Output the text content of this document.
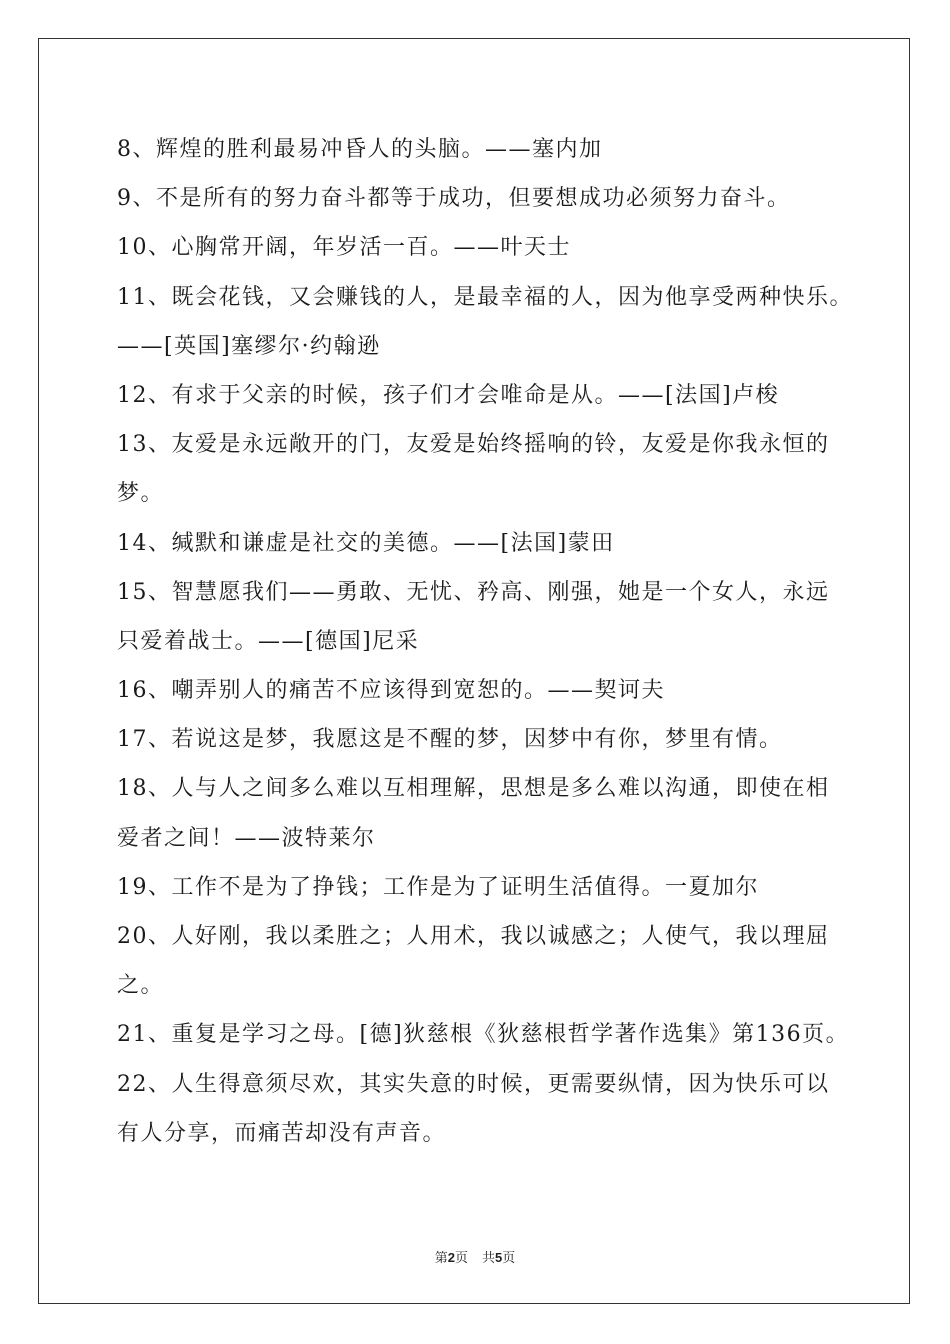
8、辉煌的胜利最易冲昏人的头脑。——塞内加
9、不是所有的努力奋斗都等于成功，但要想成功必须努力奋斗。
10、心胸常开阔，年岁活一百。——叶天士
11、既会花钱，又会赚钱的人，是最幸福的人，因为他享受两种快乐。
——[英国]塞缪尔·约翰逊
12、有求于父亲的时候，孩子们才会唯命是从。——[法国]卢梭
13、友爱是永远敞开的门，友爱是始终摇响的铃，友爱是你我永恒的
梦。
14、缄默和谦虚是社交的美德。——[法国]蒙田
15、智慧愿我们——勇敢、无忧、矜高、刚强，她是一个女人，永远
只爱着战士。——[德国]尼采
16、嘲弄别人的痛苦不应该得到宽恕的。——契诃夫
17、若说这是梦，我愿这是不醒的梦，因梦中有你，梦里有情。
18、人与人之间多么难以互相理解，思想是多么难以沟通，即使在相
爱者之间！——波特莱尔
19、工作不是为了挣钱；工作是为了证明生活值得。一夏加尔
20、人好刚，我以柔胜之；人用术，我以诚感之；人使气，我以理屈
之。
21、重复是学习之母。[德]狄慈根《狄慈根哲学著作选集》第136页。
22、人生得意须尽欢，其实失意的时候，更需要纵情，因为快乐可以
有人分享，而痛苦却没有声音。
第2页 共5页
